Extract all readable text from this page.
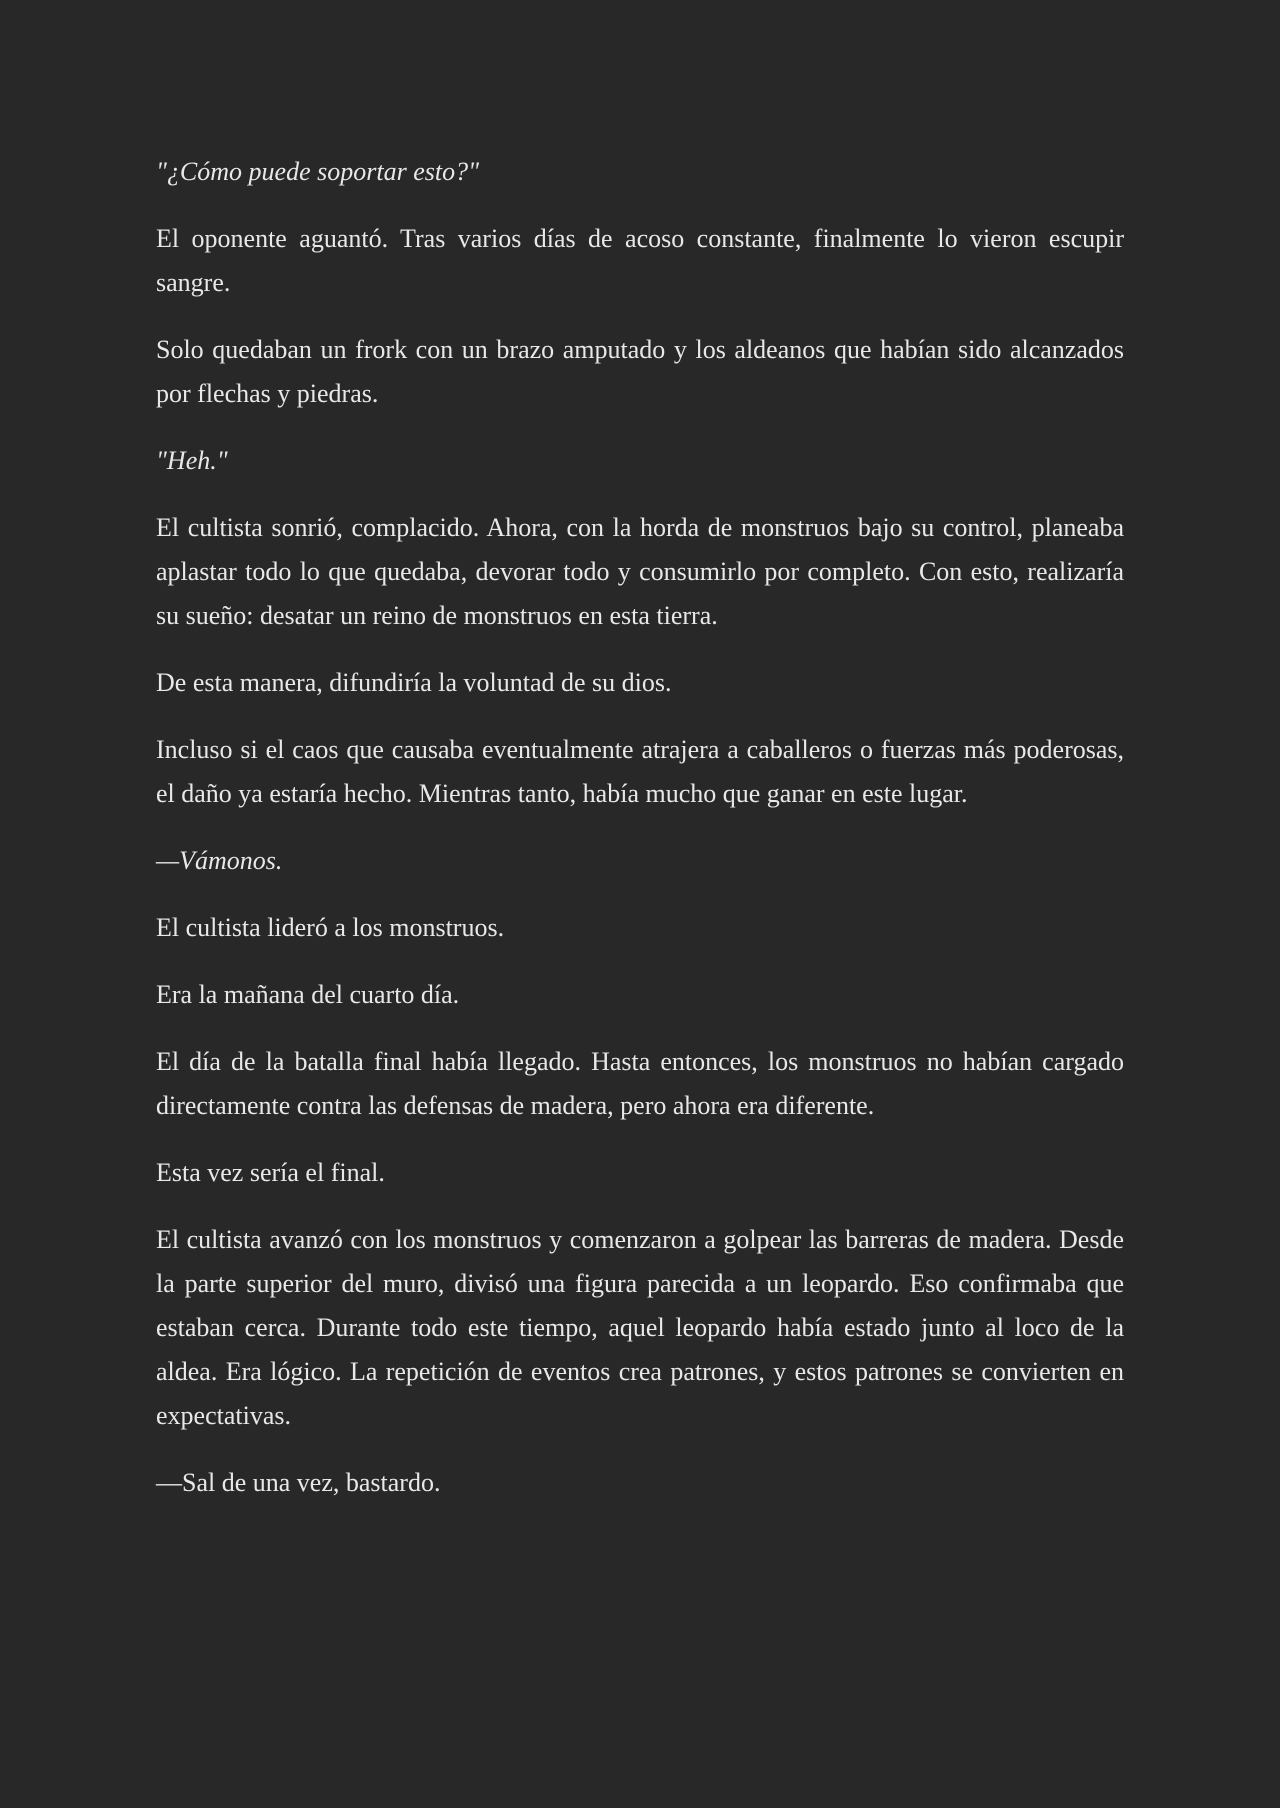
"¿Cómo puede soportar esto?"

El oponente aguantó. Tras varios días de acoso constante, finalmente lo vieron escupir sangre.

Solo quedaban un frork con un brazo amputado y los aldeanos que habían sido alcanzados por flechas y piedras.

"Heh."

El cultista sonrió, complacido. Ahora, con la horda de monstruos bajo su control, planeaba aplastar todo lo que quedaba, devorar todo y consumirlo por completo. Con esto, realizaría su sueño: desatar un reino de monstruos en esta tierra.

De esta manera, difundiría la voluntad de su dios.

Incluso si el caos que causaba eventualmente atrajera a caballeros o fuerzas más poderosas, el daño ya estaría hecho. Mientras tanto, había mucho que ganar en este lugar.

—Vámonos.

El cultista lideró a los monstruos.

Era la mañana del cuarto día.

El día de la batalla final había llegado. Hasta entonces, los monstruos no habían cargado directamente contra las defensas de madera, pero ahora era diferente.

Esta vez sería el final.

El cultista avanzó con los monstruos y comenzaron a golpear las barreras de madera. Desde la parte superior del muro, divisó una figura parecida a un leopardo. Eso confirmaba que estaban cerca. Durante todo este tiempo, aquel leopardo había estado junto al loco de la aldea. Era lógico. La repetición de eventos crea patrones, y estos patrones se convierten en expectativas.

—Sal de una vez, bastardo.
